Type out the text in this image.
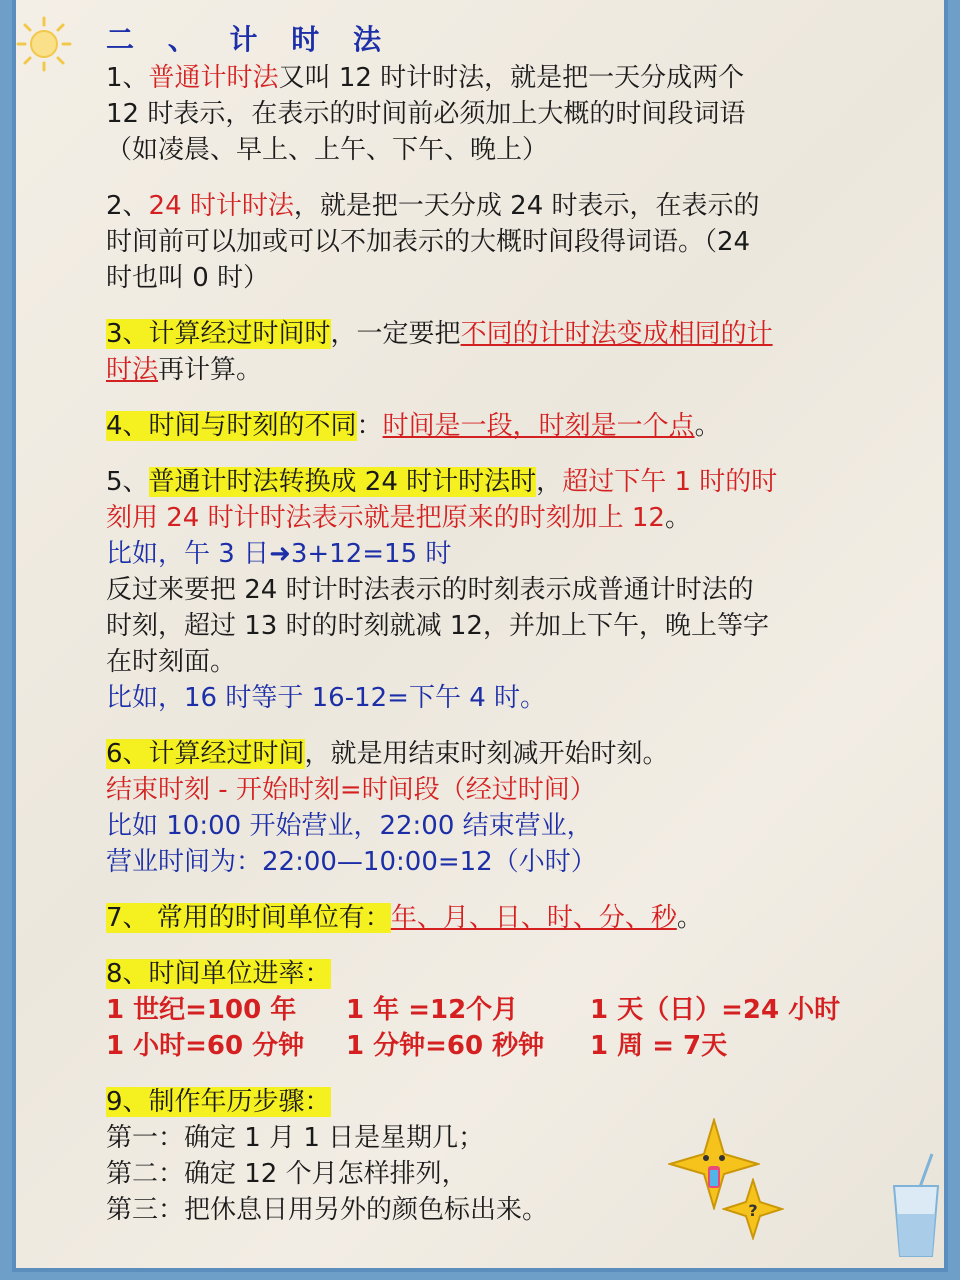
二 、 计 时 法

1、普通计时法又叫 12 时计时法，就是把一天分成两个

12 时表示，在表示的时间前必须加上大概的时间段词语

（如凌晨、早上、上午、下午、晚上）

2、24 时计时法，就是把一天分成 24 时表示，在表示的

时间前可以加或可以不加表示的大概时间段得词语。（24

时也叫 0 时）

3、计算经过时间时，一定要把不同的计时法变成相同的计

时法再计算。

4、时间与时刻的不同：时间是一段，时刻是一个点。

5、普通计时法转换成 24 时计时法时，超过下午 1 时的时

刻用 24 时计时法表示就是把原来的时刻加上 12。

比如，午 3 日➜3+12=15 时

反过来要把 24 时计时法表示的时刻表示成普通计时法的

时刻，超过 13 时的时刻就减 12，并加上下午，晚上等字

在时刻面。

比如，16 时等于 16-12=下午 4 时。

6、计算经过时间，就是用结束时刻减开始时刻。

结束时刻 - 开始时刻=时间段（经过时间）

比如 10:00 开始营业，22:00 结束营业，

营业时间为：22:00—10:00=12（小时）

7、 常用的时间单位有：年、月、日、时、分、秒。

8、时间单位进率：

1 世纪=100 年	1 年 =12个月	1 天（日）=24 小时
1 小时=60 分钟	1 分钟=60 秒钟	1 周 = 7天

9、制作年历步骤：

第一：确定 1 月 1 日是星期几；

第二：确定 12 个月怎样排列，

第三：把休息日用另外的颜色标出来。	?
